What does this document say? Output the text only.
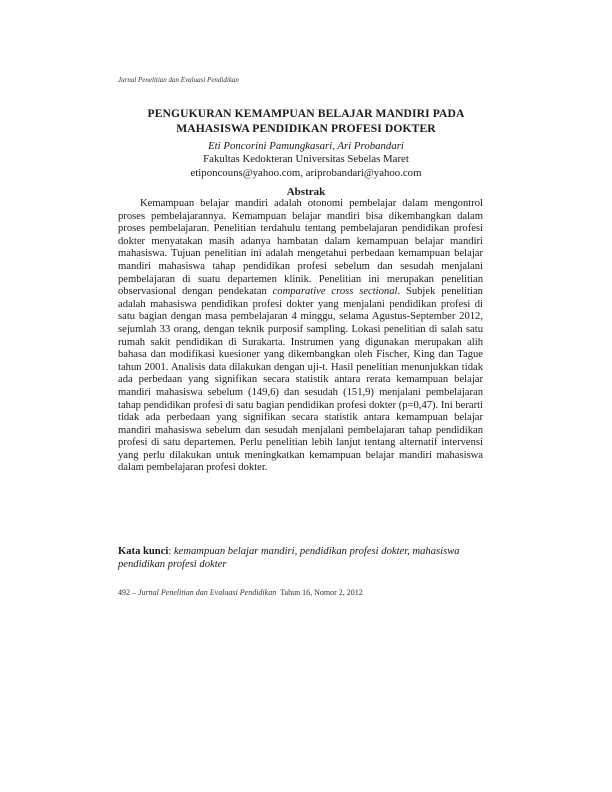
Jurnal Penelitian dan Evaluasi Pendidikan
PENGUKURAN KEMAMPUAN BELAJAR MANDIRI PADA
MAHASISWA PENDIDIKAN PROFESI DOKTER
Eti Poncorini Pamungkasari, Ari Probandari
Fakultas Kedokteran Universitas Sebelas Maret
etiponcouns@yahoo.com, ariprobandari@yahoo.com
Abstrak

Kemampuan belajar mandiri adalah otonomi pembelajar dalam mengontrol proses pembelajarannya. Kemampuan belajar mandiri bisa dikembangkan dalam proses pembelajaran. Penelitian terdahulu tentang pembelajaran pendidikan profesi dokter menyatakan masih adanya hambatan dalam kemampuan belajar mandiri mahasiswa. Tujuan penelitian ini adalah mengetahui perbedaan kemampuan belajar mandiri mahasiswa tahap pendidikan profesi sebelum dan sesudah menjalani pembelajaran di suatu departemen klinik. Penelitian ini merupakan penelitian observasional dengan pendekatan comparative cross sectional. Subjek penelitian adalah mahasiswa pendidikan profesi dokter yang menjalani pendidikan profesi di satu bagian dengan masa pembelajaran 4 minggu, selama Agustus-September 2012, sejumlah 33 orang, dengan teknik purposif sampling. Lokasi penelitian di salah satu rumah sakit pendidikan di Surakarta. Instrumen yang digunakan merupakan alih bahasa dan modifikasi kuesioner yang dikembangkan oleh Fischer, King dan Tague tahun 2001. Analisis data dilakukan dengan uji-t. Hasil penelitian menunjukkan tidak ada perbedaan yang signifikan secara statistik antara rerata kemampuan belajar mandiri mahasiswa sebelum (149,6) dan sesudah (151,9) menjalani pembelajaran tahap pendidikan profesi di satu bagian pendidikan profesi dokter (p=0,47). Ini berarti tidak ada perbedaan yang signifikan secara statistik antara kemampuan belajar mandiri mahasiswa sebelum dan sesudah menjalani pembelajaran tahap pendidikan profesi di satu departemen. Perlu penelitian lebih lanjut tentang alternatif intervensi yang perlu dilakukan untuk meningkatkan kemampuan belajar mandiri mahasiswa dalam pembelajaran profesi dokter.

Kata kunci: kemampuan belajar mandiri, pendidikan profesi dokter, mahasiswa pendidikan profesi dokter

492 – Jurnal Penelitian dan Evaluasi Pendidikan Tahun 16, Nomor 2, 2012
